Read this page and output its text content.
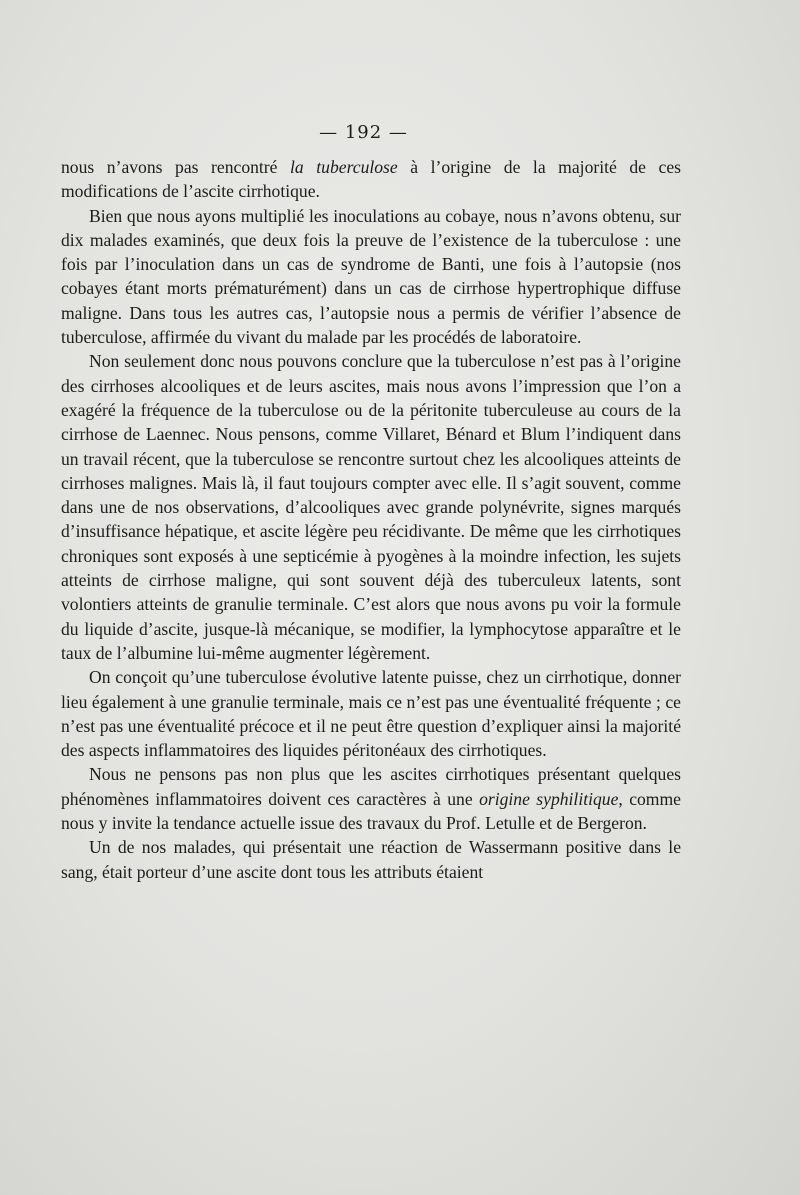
— 192 —

nous n’avons pas rencontré la tuberculose à l’origine de la majorité de ces modifications de l’ascite cirrhotique.

Bien que nous ayons multiplié les inoculations au cobaye, nous n’avons obtenu, sur dix malades examinés, que deux fois la preuve de l’existence de la tuberculose : une fois par l’inoculation dans un cas de syndrome de Banti, une fois à l’autopsie (nos cobayes étant morts prématurément) dans un cas de cirrhose hypertrophique diffuse maligne. Dans tous les autres cas, l’autopsie nous a permis de vérifier l’absence de tuberculose, affirmée du vivant du malade par les procédés de laboratoire.

Non seulement donc nous pouvons conclure que la tuberculose n’est pas à l’origine des cirrhoses alcooliques et de leurs ascites, mais nous avons l’impression que l’on a exagéré la fréquence de la tuberculose ou de la péritonite tuberculeuse au cours de la cirrhose de Laennec. Nous pensons, comme Villaret, Bénard et Blum l’indiquent dans un travail récent, que la tuberculose se rencontre surtout chez les alcooliques atteints de cirrhoses malignes. Mais là, il faut toujours compter avec elle. Il s’agit souvent, comme dans une de nos observations, d’alcooliques avec grande polynévrite, signes marqués d’insuffisance hépatique, et ascite légère peu récidivante. De même que les cirrhotiques chroniques sont exposés à une septicémie à pyogènes à la moindre infection, les sujets atteints de cirrhose maligne, qui sont souvent déjà des tuberculeux latents, sont volontiers atteints de granulie terminale. C’est alors que nous avons pu voir la formule du liquide d’ascite, jusque-là mécanique, se modifier, la lymphocytose apparaître et le taux de l’albumine lui-même augmenter légèrement.

On conçoit qu’une tuberculose évolutive latente puisse, chez un cirrhotique, donner lieu également à une granulie terminale, mais ce n’est pas une éventualité fréquente ; ce n’est pas une éventualité précoce et il ne peut être question d’expliquer ainsi la majorité des aspects inflammatoires des liquides péritonéaux des cirrhotiques.

Nous ne pensons pas non plus que les ascites cirrhotiques présentant quelques phénomènes inflammatoires doivent ces caractères à une origine syphilitique, comme nous y invite la tendance actuelle issue des travaux du Prof. Letulle et de Bergeron.

Un de nos malades, qui présentait une réaction de Wassermann positive dans le sang, était porteur d’une ascite dont tous les attributs étaient
